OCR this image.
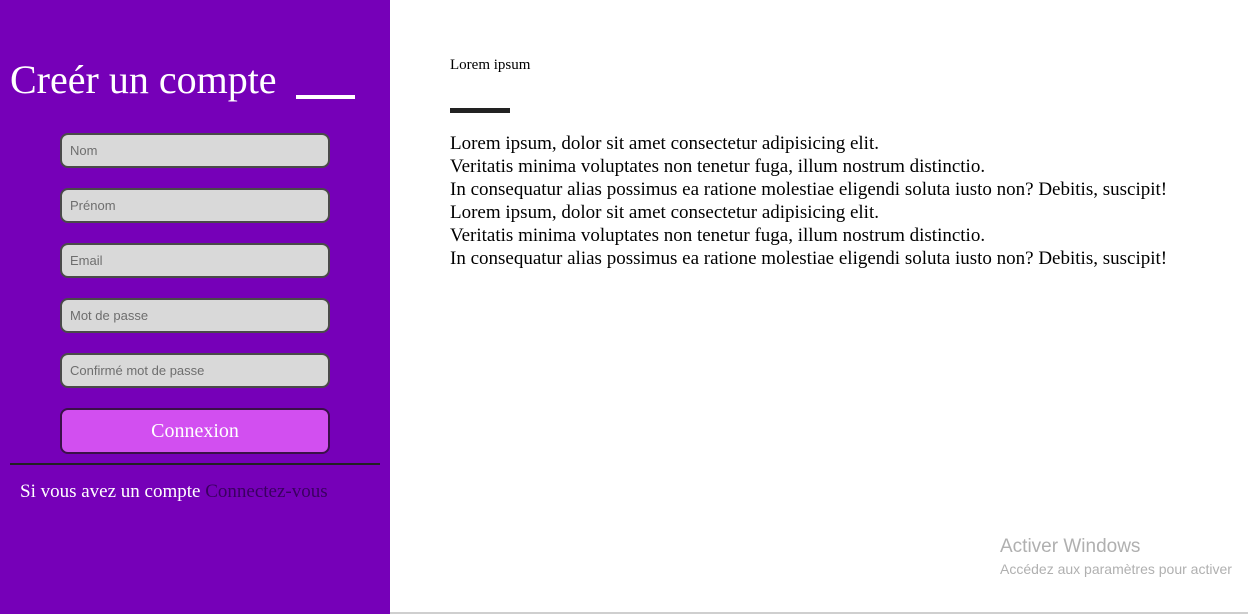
Creér un compte
Nom
Prénom
Email
Connexion

Si vous avez un compte Connectez-vous

Lorem ipsum

Lorem ipsum, dolor sit amet consectetur adipisicing elit.
Veritatis minima voluptates non tenetur fuga, illum nostrum distinctio.
In consequatur alias possimus ea ratione molestiae eligendi soluta iusto non? Debitis, suscipit!
Lorem ipsum, dolor sit amet consectetur adipisicing elit.
Veritatis minima voluptates non tenetur fuga, illum nostrum distinctio.
In consequatur alias possimus ea ratione molestiae eligendi soluta iusto non? Debitis, suscipit!

Activer Windows
Accédez aux paramètres pour activer
